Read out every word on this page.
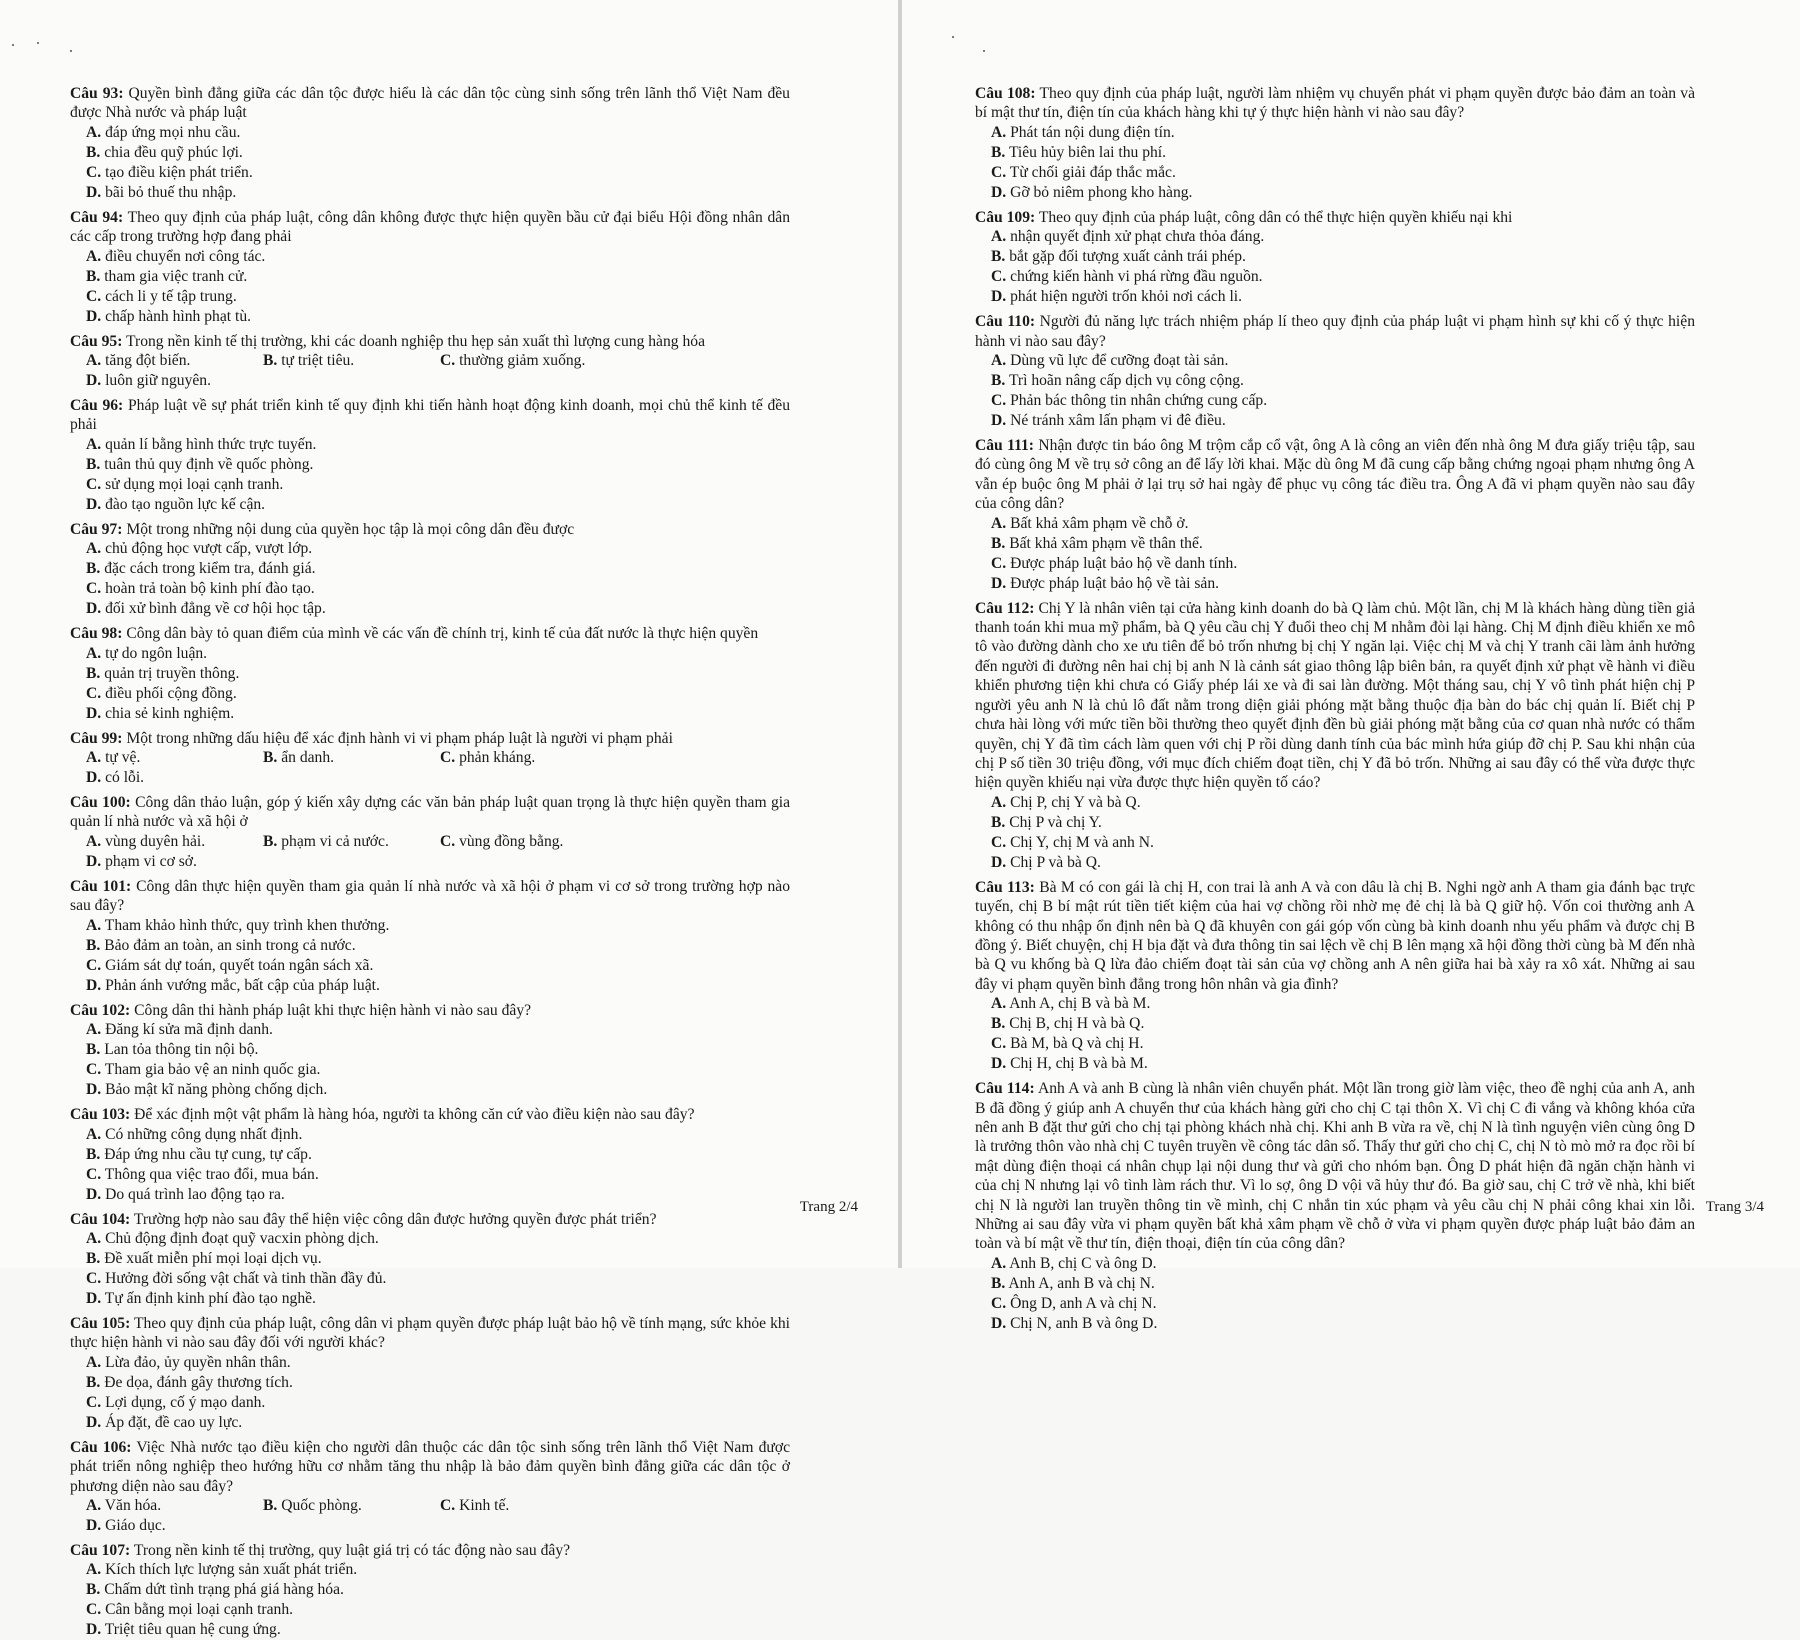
Câu 93: Quyền bình đẳng giữa các dân tộc được hiểu là các dân tộc cùng sinh sống trên lãnh thổ Việt Nam đều được Nhà nước và pháp luật
A. đáp ứng mọi nhu cầu.
B. chia đều quỹ phúc lợi.
C. tạo điều kiện phát triển.
D. bãi bỏ thuế thu nhập.
Câu 94: Theo quy định của pháp luật, công dân không được thực hiện quyền bầu cử đại biểu Hội đồng nhân dân các cấp trong trường hợp đang phải
A. điều chuyển nơi công tác.
B. tham gia việc tranh cử.
C. cách li y tế tập trung.
D. chấp hành hình phạt tù.
Câu 95: Trong nền kinh tế thị trường, khi các doanh nghiệp thu hẹp sản xuất thì lượng cung hàng hóa
A. tăng đột biến.	B. tự triệt tiêu.	C. thường giảm xuống.
D. luôn giữ nguyên.
Câu 96: Pháp luật về sự phát triển kinh tế quy định khi tiến hành hoạt động kinh doanh, mọi chủ thể kinh tế đều phải
A. quản lí bằng hình thức trực tuyến.
B. tuân thủ quy định về quốc phòng.
C. sử dụng mọi loại cạnh tranh.
D. đào tạo nguồn lực kế cận.
Câu 97: Một trong những nội dung của quyền học tập là mọi công dân đều được
A. chủ động học vượt cấp, vượt lớp.
B. đặc cách trong kiểm tra, đánh giá.
C. hoàn trả toàn bộ kinh phí đào tạo.
D. đối xử bình đẳng về cơ hội học tập.
Câu 98: Công dân bày tỏ quan điểm của mình về các vấn đề chính trị, kinh tế của đất nước là thực hiện quyền
A. tự do ngôn luận.
B. quản trị truyền thông.
C. điều phối cộng đồng.
D. chia sẻ kinh nghiệm.
Câu 99: Một trong những dấu hiệu để xác định hành vi vi phạm pháp luật là người vi phạm phải
A. tự vệ.	B. ẩn danh.	C. phản kháng.
D. có lỗi.
Câu 100: Công dân thảo luận, góp ý kiến xây dựng các văn bản pháp luật quan trọng là thực hiện quyền tham gia quản lí nhà nước và xã hội ở
A. vùng duyên hải.	B. phạm vi cả nước.	C. vùng đồng bằng.
D. phạm vi cơ sở.
Câu 101: Công dân thực hiện quyền tham gia quản lí nhà nước và xã hội ở phạm vi cơ sở trong trường hợp nào sau đây?
A. Tham khảo hình thức, quy trình khen thưởng.
B. Bảo đảm an toàn, an sinh trong cả nước.
C. Giám sát dự toán, quyết toán ngân sách xã.
D. Phản ánh vướng mắc, bất cập của pháp luật.
Câu 102: Công dân thi hành pháp luật khi thực hiện hành vi nào sau đây?
A. Đăng kí sửa mã định danh.
B. Lan tỏa thông tin nội bộ.
C. Tham gia bảo vệ an ninh quốc gia.
D. Bảo mật kĩ năng phòng chống dịch.
Câu 103: Để xác định một vật phẩm là hàng hóa, người ta không căn cứ vào điều kiện nào sau đây?
A. Có những công dụng nhất định.
B. Đáp ứng nhu cầu tự cung, tự cấp.
C. Thông qua việc trao đổi, mua bán.
D. Do quá trình lao động tạo ra.
Câu 104: Trường hợp nào sau đây thể hiện việc công dân được hưởng quyền được phát triển?
A. Chủ động định đoạt quỹ vacxin phòng dịch.
B. Đề xuất miễn phí mọi loại dịch vụ.
C. Hưởng đời sống vật chất và tinh thần đầy đủ.
D. Tự ấn định kinh phí đào tạo nghề.
Câu 105: Theo quy định của pháp luật, công dân vi phạm quyền được pháp luật bảo hộ về tính mạng, sức khỏe khi thực hiện hành vi nào sau đây đối với người khác?
A. Lừa đảo, ủy quyền nhân thân.
B. Đe dọa, đánh gây thương tích.
C. Lợi dụng, cố ý mạo danh.
D. Áp đặt, đề cao uy lực.
Câu 106: Việc Nhà nước tạo điều kiện cho người dân thuộc các dân tộc sinh sống trên lãnh thổ Việt Nam được phát triển nông nghiệp theo hướng hữu cơ nhằm tăng thu nhập là bảo đảm quyền bình đẳng giữa các dân tộc ở phương diện nào sau đây?
A. Văn hóa.	B. Quốc phòng.	C. Kinh tế.
D. Giáo dục.
Câu 107: Trong nền kinh tế thị trường, quy luật giá trị có tác động nào sau đây?
A. Kích thích lực lượng sản xuất phát triển.
B. Chấm dứt tình trạng phá giá hàng hóa.
C. Cân bằng mọi loại cạnh tranh.
D. Triệt tiêu quan hệ cung ứng.
Trang 2/4
Câu 108: Theo quy định của pháp luật, người làm nhiệm vụ chuyển phát vi phạm quyền được bảo đảm an toàn và bí mật thư tín, điện tín của khách hàng khi tự ý thực hiện hành vi nào sau đây?
A. Phát tán nội dung điện tín.
B. Tiêu hủy biên lai thu phí.
C. Từ chối giải đáp thắc mắc.
D. Gỡ bỏ niêm phong kho hàng.
Câu 109: Theo quy định của pháp luật, công dân có thể thực hiện quyền khiếu nại khi
A. nhận quyết định xử phạt chưa thỏa đáng.
B. bắt gặp đối tượng xuất cảnh trái phép.
C. chứng kiến hành vi phá rừng đầu nguồn.
D. phát hiện người trốn khỏi nơi cách li.
Câu 110: Người đủ năng lực trách nhiệm pháp lí theo quy định của pháp luật vi phạm hình sự khi cố ý thực hiện hành vi nào sau đây?
A. Dùng vũ lực để cưỡng đoạt tài sản.
B. Trì hoãn nâng cấp dịch vụ công cộng.
C. Phản bác thông tin nhân chứng cung cấp.
D. Né tránh xâm lấn phạm vi đê điều.
Câu 111: Nhận được tin báo ông M trộm cắp cổ vật, ông A là công an viên đến nhà ông M đưa giấy triệu tập, sau đó cùng ông M về trụ sở công an để lấy lời khai. Mặc dù ông M đã cung cấp bằng chứng ngoại phạm nhưng ông A vẫn ép buộc ông M phải ở lại trụ sở hai ngày để phục vụ công tác điều tra. Ông A đã vi phạm quyền nào sau đây của công dân?
A. Bất khả xâm phạm về chỗ ở.
B. Bất khả xâm phạm về thân thể.
C. Được pháp luật bảo hộ về danh tính.
D. Được pháp luật bảo hộ về tài sản.
Câu 112: Chị Y là nhân viên tại cửa hàng kinh doanh do bà Q làm chủ. Một lần, chị M là khách hàng dùng tiền giả thanh toán khi mua mỹ phẩm, bà Q yêu cầu chị Y đuổi theo chị M nhằm đòi lại hàng. Chị M định điều khiển xe mô tô vào đường dành cho xe ưu tiên để bỏ trốn nhưng bị chị Y ngăn lại. Việc chị M và chị Y tranh cãi làm ảnh hưởng đến người đi đường nên hai chị bị anh N là cảnh sát giao thông lập biên bản, ra quyết định xử phạt về hành vi điều khiển phương tiện khi chưa có Giấy phép lái xe và đi sai làn đường. Một tháng sau, chị Y vô tình phát hiện chị P người yêu anh N là chủ lô đất nằm trong diện giải phóng mặt bằng thuộc địa bàn do bác chị quản lí. Biết chị P chưa hài lòng với mức tiền bồi thường theo quyết định đền bù giải phóng mặt bằng của cơ quan nhà nước có thẩm quyền, chị Y đã tìm cách làm quen với chị P rồi dùng danh tính của bác mình hứa giúp đỡ chị P. Sau khi nhận của chị P số tiền 30 triệu đồng, với mục đích chiếm đoạt tiền, chị Y đã bỏ trốn. Những ai sau đây có thể vừa được thực hiện quyền khiếu nại vừa được thực hiện quyền tố cáo?
A. Chị P, chị Y và bà Q.
B. Chị P và chị Y.
C. Chị Y, chị M và anh N.
D. Chị P và bà Q.
Câu 113: Bà M có con gái là chị H, con trai là anh A và con dâu là chị B. Nghi ngờ anh A tham gia đánh bạc trực tuyến, chị B bí mật rút tiền tiết kiệm của hai vợ chồng rồi nhờ mẹ đẻ chị là bà Q giữ hộ. Vốn coi thường anh A không có thu nhập ổn định nên bà Q đã khuyên con gái góp vốn cùng bà kinh doanh nhu yếu phẩm và được chị B đồng ý. Biết chuyện, chị H bịa đặt và đưa thông tin sai lệch về chị B lên mạng xã hội đồng thời cùng bà M đến nhà bà Q vu khống bà Q lừa đảo chiếm đoạt tài sản của vợ chồng anh A nên giữa hai bà xảy ra xô xát. Những ai sau đây vi phạm quyền bình đẳng trong hôn nhân và gia đình?
A. Anh A, chị B và bà M.
B. Chị B, chị H và bà Q.
C. Bà M, bà Q và chị H.
D. Chị H, chị B và bà M.
Câu 114: Anh A và anh B cùng là nhân viên chuyển phát. Một lần trong giờ làm việc, theo đề nghị của anh A, anh B đã đồng ý giúp anh A chuyển thư của khách hàng gửi cho chị C tại thôn X. Vì chị C đi vắng và không khóa cửa nên anh B đặt thư gửi cho chị tại phòng khách nhà chị. Khi anh B vừa ra về, chị N là tình nguyện viên cùng ông D là trưởng thôn vào nhà chị C tuyên truyền về công tác dân số. Thấy thư gửi cho chị C, chị N tò mò mở ra đọc rồi bí mật dùng điện thoại cá nhân chụp lại nội dung thư và gửi cho nhóm bạn. Ông D phát hiện đã ngăn chặn hành vi của chị N nhưng lại vô tình làm rách thư. Vì lo sợ, ông D vội vã hủy thư đó. Ba giờ sau, chị C trở về nhà, khi biết chị N là người lan truyền thông tin về mình, chị C nhắn tin xúc phạm và yêu cầu chị N phải công khai xin lỗi. Những ai sau đây vừa vi phạm quyền bất khả xâm phạm về chỗ ở vừa vi phạm quyền được pháp luật bảo đảm an toàn và bí mật về thư tín, điện thoại, điện tín của công dân?
A. Anh B, chị C và ông D.
B. Anh A, anh B và chị N.
C. Ông D, anh A và chị N.
D. Chị N, anh B và ông D.
Trang 3/4
